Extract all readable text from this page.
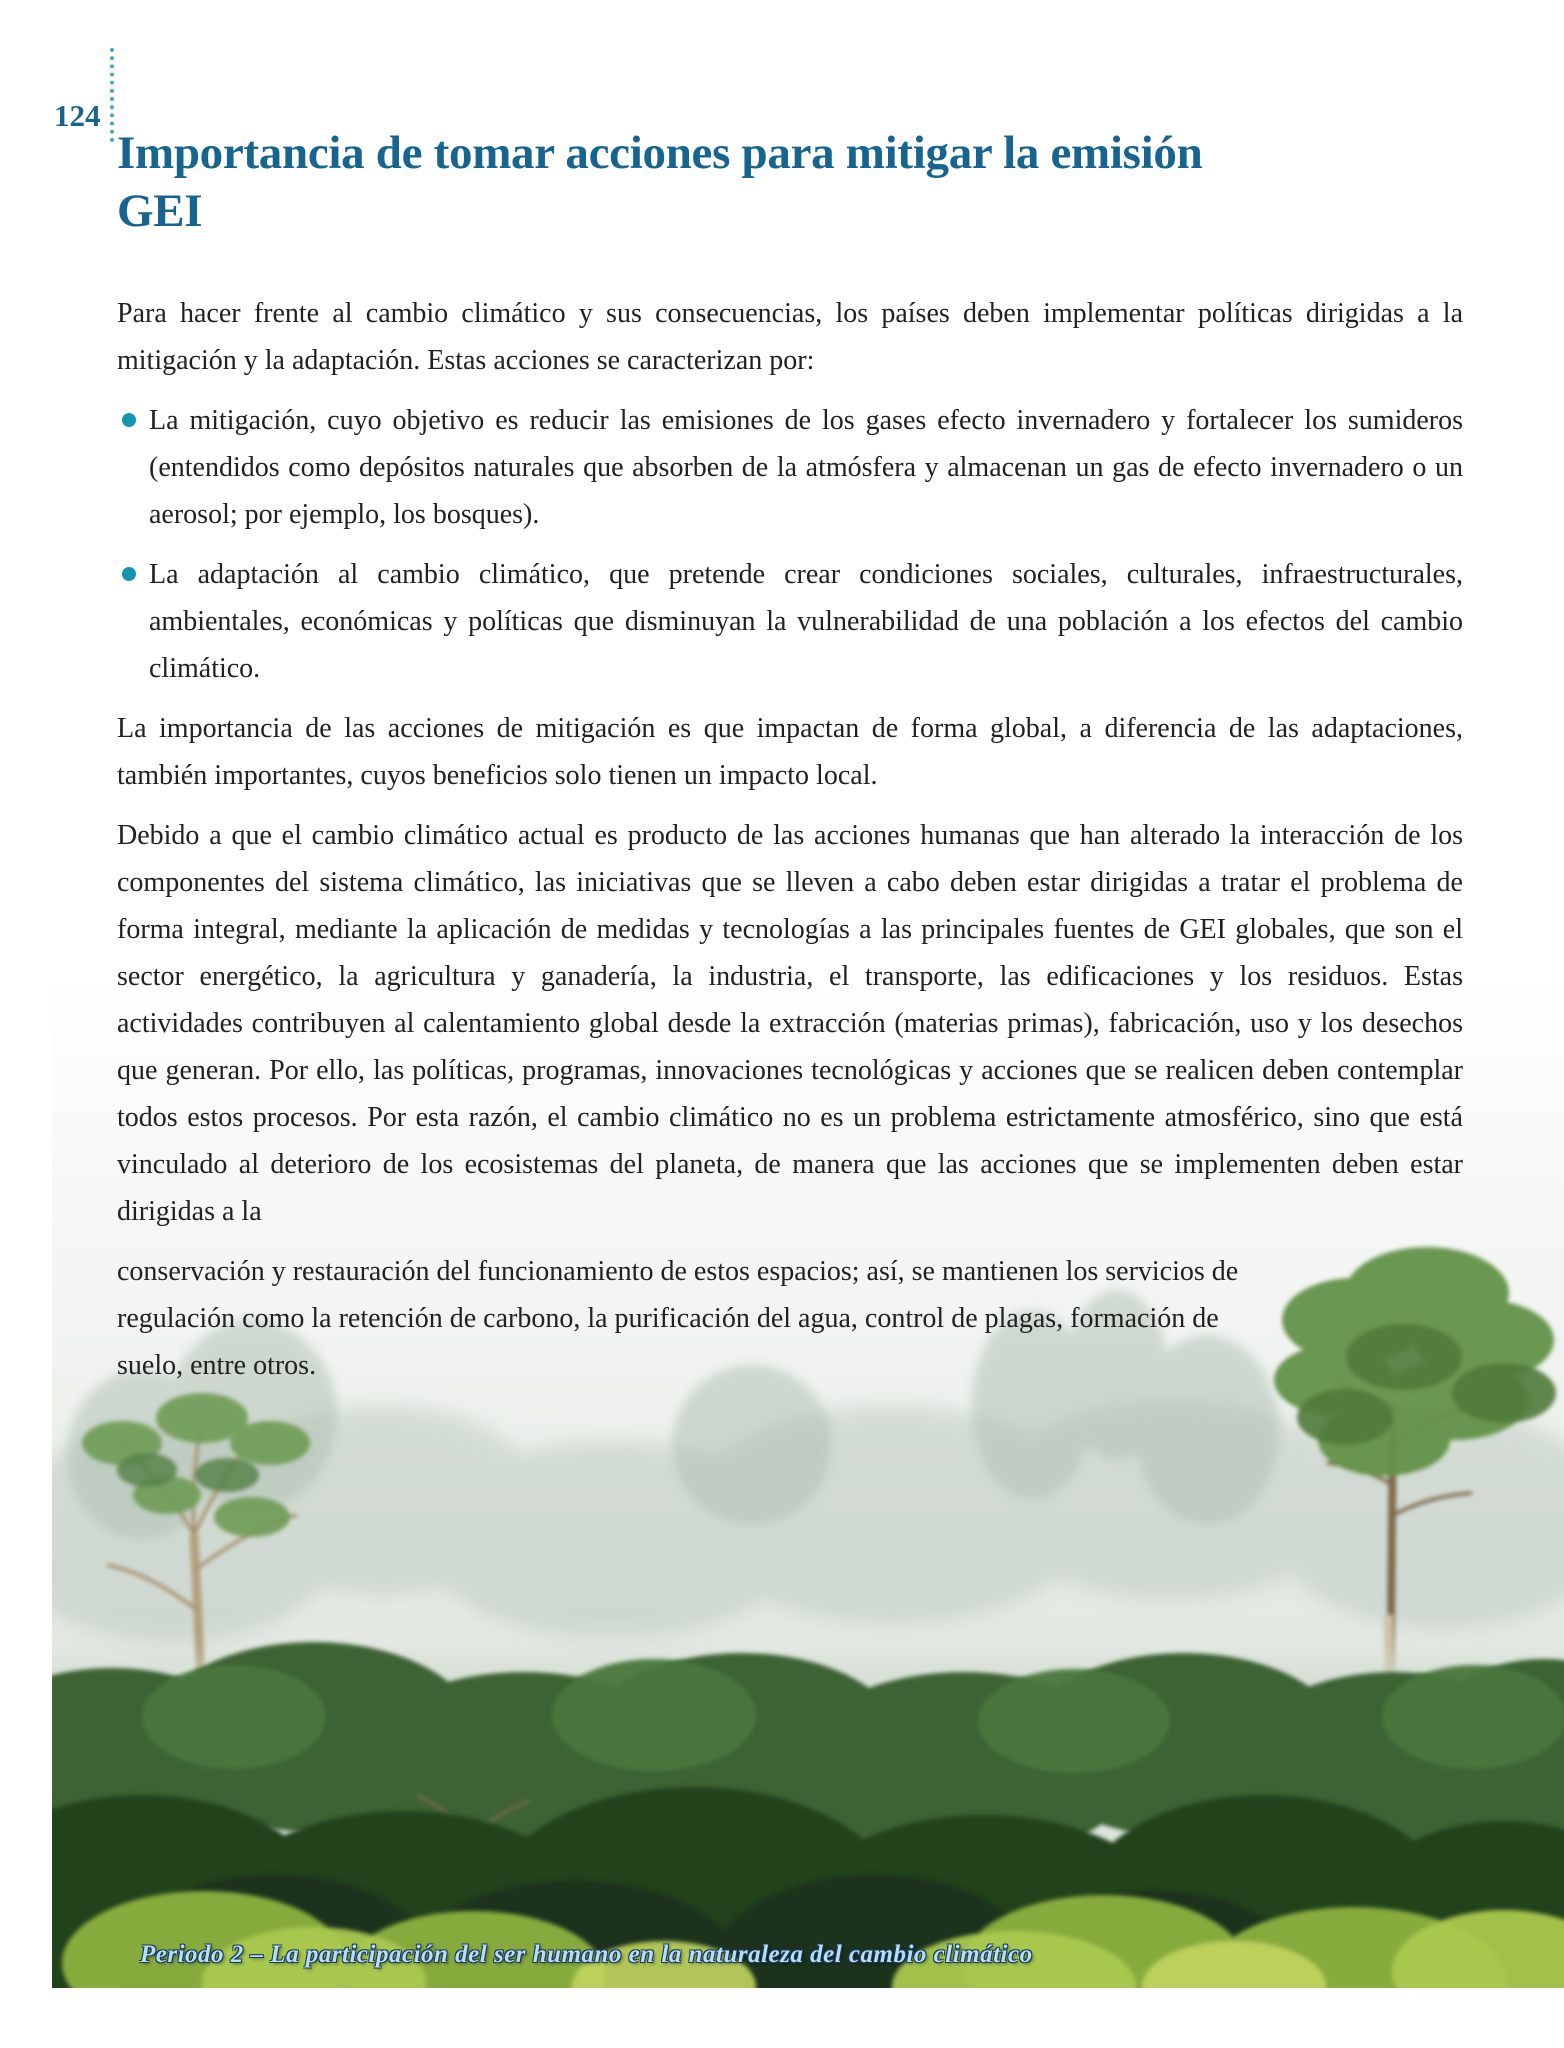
124
Importancia de tomar acciones para mitigar la emisión GEI

Para hacer frente al cambio climático y sus consecuencias, los países deben implementar políticas dirigidas a la mitigación y la adaptación. Estas acciones se caracterizan por:

La mitigación, cuyo objetivo es reducir las emisiones de los gases efecto invernadero y fortalecer los sumideros (entendidos como depósitos naturales que absorben de la atmósfera y almacenan un gas de efecto invernadero o un aerosol; por ejemplo, los bosques).
La adaptación al cambio climático, que pretende crear condiciones sociales, culturales, infraestructurales, ambientales, económicas y políticas que disminuyan la vulnerabilidad de una población a los efectos del cambio climático.

La importancia de las acciones de mitigación es que impactan de forma global, a diferencia de las adaptaciones, también importantes, cuyos beneficios solo tienen un impacto local.

Debido a que el cambio climático actual es producto de las acciones humanas que han alterado la interacción de los componentes del sistema climático, las iniciativas que se lleven a cabo deben estar dirigidas a tratar el problema de forma integral, mediante la aplicación de medidas y tecnologías a las principales fuentes de GEI globales, que son el sector energético, la agricultura y ganadería, la industria, el transporte, las edificaciones y los residuos. Estas actividades contribuyen al calentamiento global desde la extracción (materias primas), fabricación, uso y los desechos que generan. Por ello, las políticas, programas, innovaciones tecnológicas y acciones que se realicen deben contemplar todos estos procesos. Por esta razón, el cambio climático no es un problema estrictamente atmosférico, sino que está vinculado al deterioro de los ecosistemas del planeta, de manera que las acciones que se implementen deben estar dirigidas a la

conservación y restauración del funcionamiento de estos espacios; así, se mantienen los servicios de regulación como la retención de carbono, la purificación del agua, control de plagas, formación de suelo, entre otros.

Periodo 2 – La participación del ser humano en la naturaleza del cambio climático
